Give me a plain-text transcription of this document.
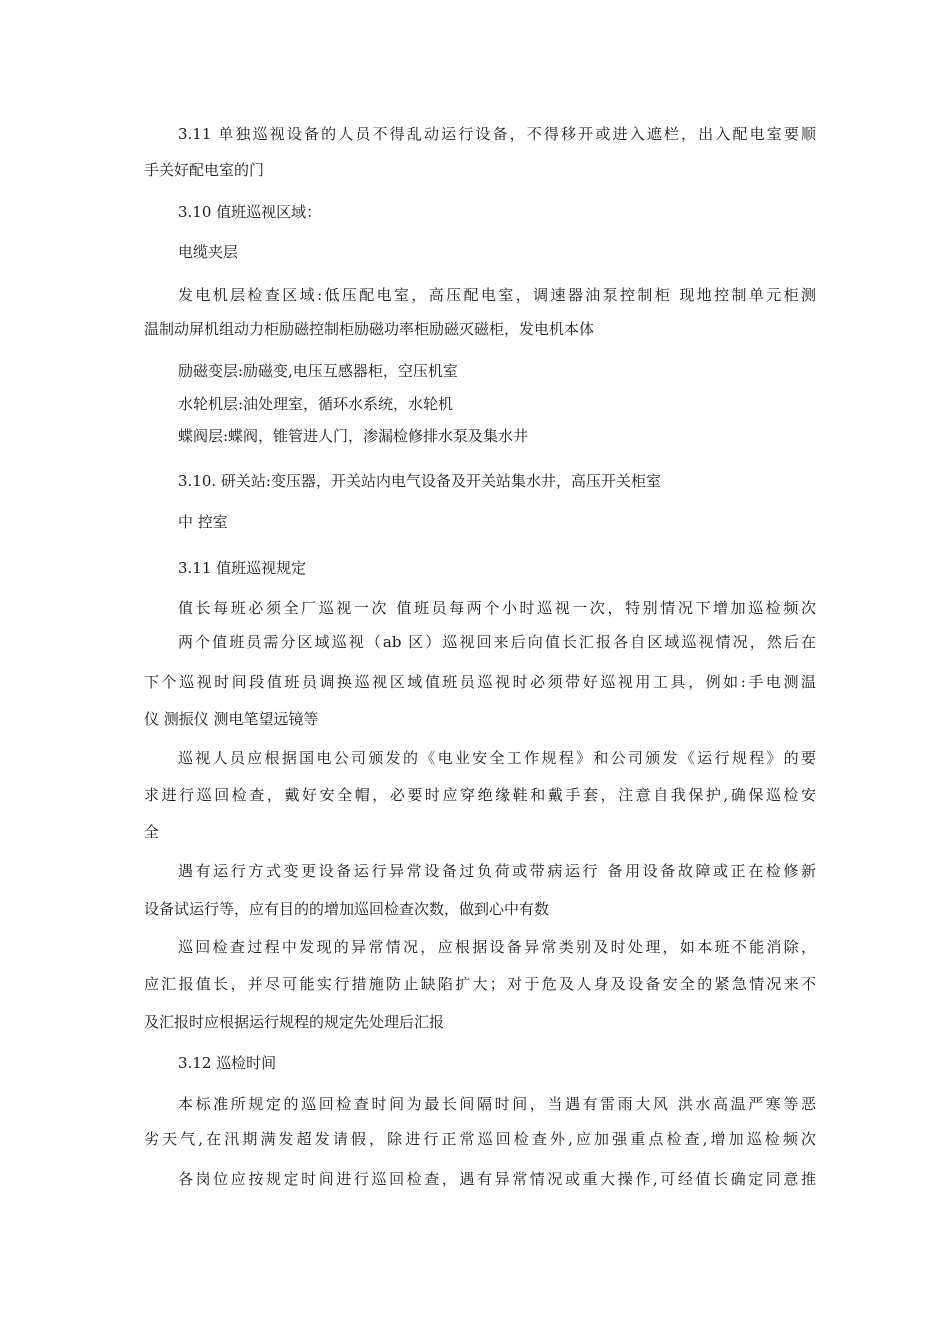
3.11 单独巡视设备的人员不得乱动运行设备，不得移开或进入遮栏，出入配电室要顺
手关好配电室的门
3.10 值班巡视区域：
电缆夹层
发电机层检查区域:低压配电室，高压配电室，调速器油泵控制柜 现地控制单元柜测
温制动屏机组动力柜励磁控制柜励磁功率柜励磁灭磁柜，发电机本体
励磁变层:励磁变,电压互感器柜，空压机室
水轮机层:油处理室，循环水系统，水轮机
蝶阀层:蝶阀，锥管进人门，渗漏检修排水泵及集水井
3.10. 研关站:变压器，开关站内电气设备及开关站集水井，高压开关柜室
中 控室
3.11 值班巡视规定
值长每班必须全厂巡视一次 值班员每两个小时巡视一次，特别情况下增加巡检频次
两个值班员需分区域巡视（ab 区）巡视回来后向值长汇报各自区域巡视情况，然后在
下个巡视时间段值班员调换巡视区域值班员巡视时必须带好巡视用工具，例如:手电测温
仪 测振仪 测电笔望远镜等
巡视人员应根据国电公司颁发的《电业安全工作规程》和公司颁发《运行规程》的要
求进行巡回检查，戴好安全帽，必要时应穿绝缘鞋和戴手套，注意自我保护,确保巡检安
全
遇有运行方式变更设备运行异常设备过负荷或带病运行 备用设备故障或正在检修新
设备试运行等，应有目的的增加巡回检查次数，做到心中有数
巡回检查过程中发现的异常情况，应根据设备异常类别及时处理，如本班不能消除，
应汇报值长，并尽可能实行措施防止缺陷扩大；对于危及人身及设备安全的紧急情况来不
及汇报时应根据运行规程的规定先处理后汇报
3.12 巡检时间
本标准所规定的巡回检查时间为最长间隔时间，当遇有雷雨大风 洪水高温严寒等恶
劣天气,在汛期满发超发请假，除进行正常巡回检查外,应加强重点检查,增加巡检频次
各岗位应按规定时间进行巡回检查，遇有异常情况或重大操作,可经值长确定同意推
